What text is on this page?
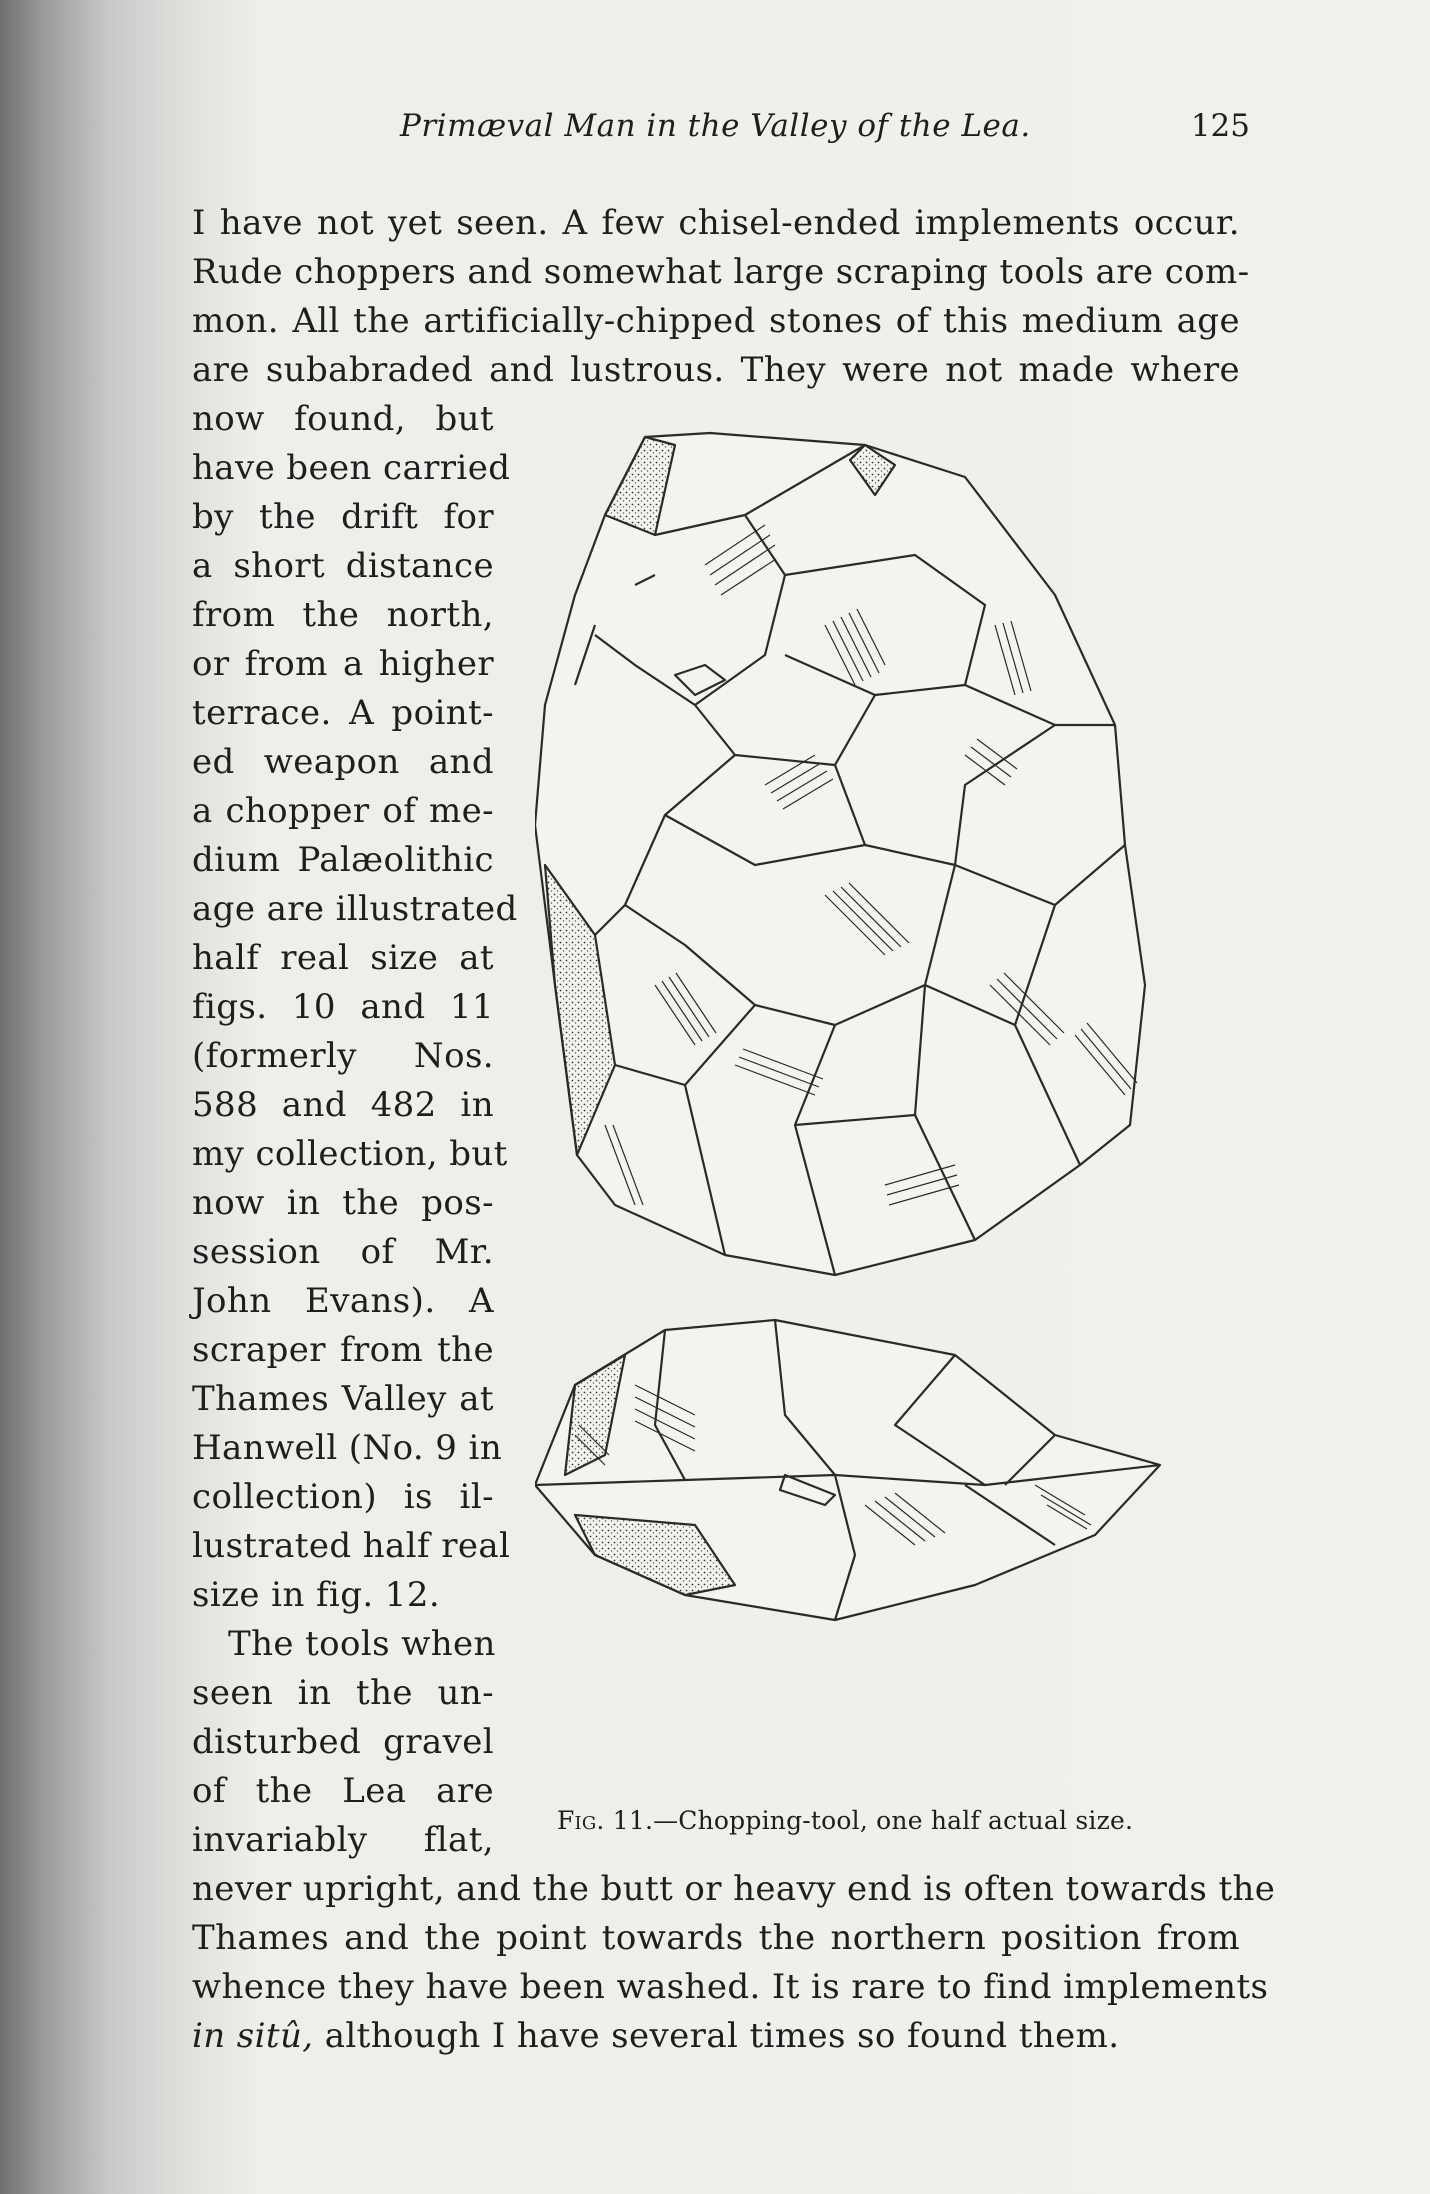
Primæval Man in the Valley of the Lea.	125
I have not yet seen. A few chisel-ended implements occur.
Rude choppers and somewhat large scraping tools are com-
mon. All the artificially-chipped stones of this medium age
are subabraded and lustrous. They were not made where
now found, but
have been carried
by the drift for
a short distance
from the north,
or from a higher
terrace. A point-
ed weapon and
a chopper of me-
dium Palæolithic
age are illustrated
half real size at
figs. 10 and 11
(formerly Nos.
588 and 482 in
my collection, but
now in the pos-
session of Mr.
John Evans). A
scraper from the
Thames Valley at
Hanwell (No. 9 in
collection) is il-
lustrated half real
size in fig. 12.
The tools when
seen in the un-
disturbed gravel
of the Lea are
invariably flat,
never upright, and the butt or heavy end is often towards the
Thames and the point towards the northern position from
whence they have been washed. It is rare to find implements
in sitû, although I have several times so found them.
Fig. 11.—Chopping-tool, one half actual size.
